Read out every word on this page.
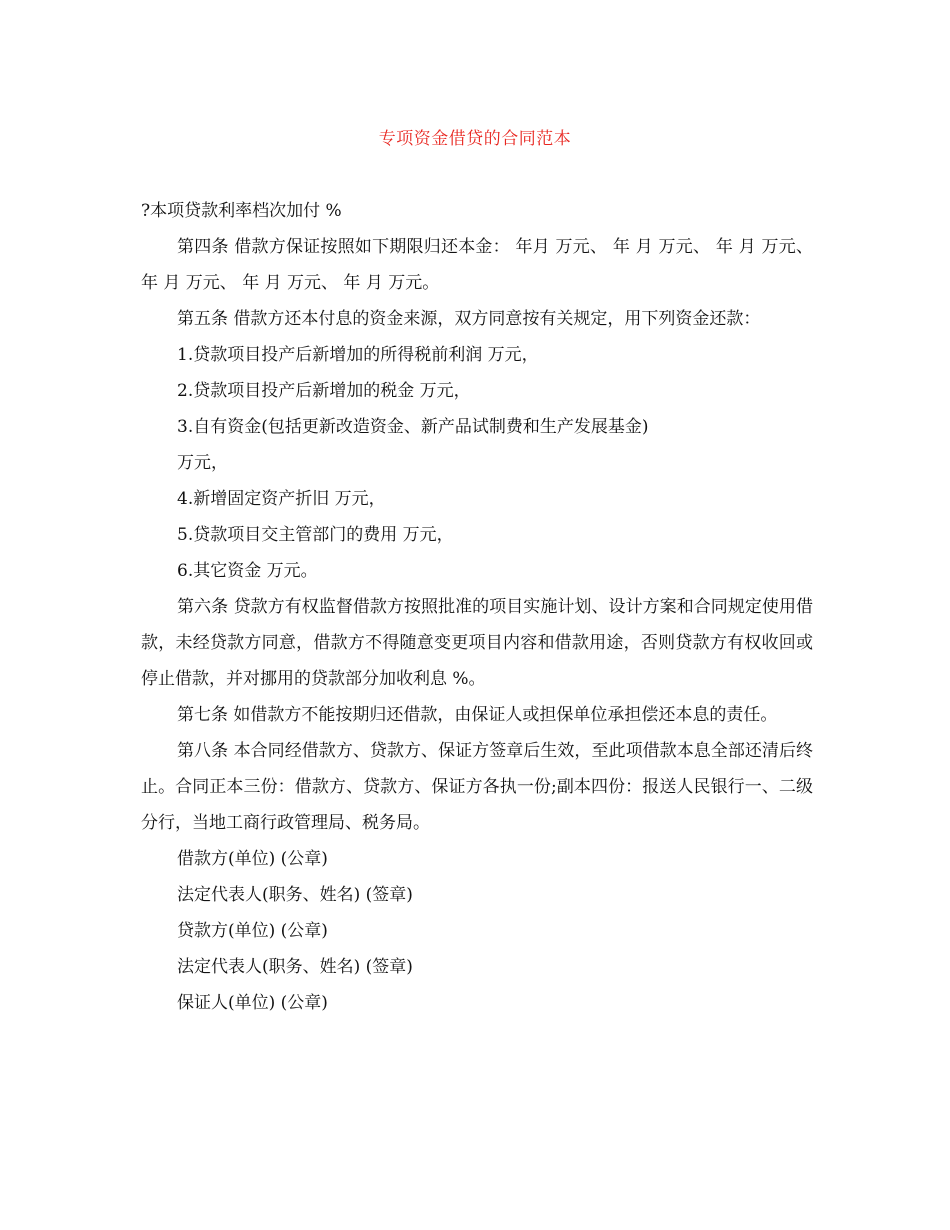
专项资金借贷的合同范本

?本项贷款利率档次加付 %

第四条 借款方保证按照如下期限归还本金： 年月 万元、 年 月 万元、 年 月 万元、年 月 万元、 年 月 万元、 年 月 万元。

第五条 借款方还本付息的资金来源，双方同意按有关规定，用下列资金还款：

1.贷款项目投产后新增加的所得税前利润 万元，

2.贷款项目投产后新增加的税金 万元，

3.自有资金(包括更新改造资金、新产品试制费和生产发展基金)

万元，

4.新增固定资产折旧 万元，

5.贷款项目交主管部门的费用 万元，

6.其它资金 万元。

第六条 贷款方有权监督借款方按照批准的项目实施计划、设计方案和合同规定使用借款，未经贷款方同意，借款方不得随意变更项目内容和借款用途，否则贷款方有权收回或停止借款，并对挪用的贷款部分加收利息 %。

第七条 如借款方不能按期归还借款，由保证人或担保单位承担偿还本息的责任。

第八条 本合同经借款方、贷款方、保证方签章后生效，至此项借款本息全部还清后终止。合同正本三份：借款方、贷款方、保证方各执一份;副本四份：报送人民银行一、二级分行，当地工商行政管理局、税务局。

借款方(单位) (公章)

法定代表人(职务、姓名) (签章)

贷款方(单位) (公章)

法定代表人(职务、姓名) (签章)

保证人(单位) (公章)
